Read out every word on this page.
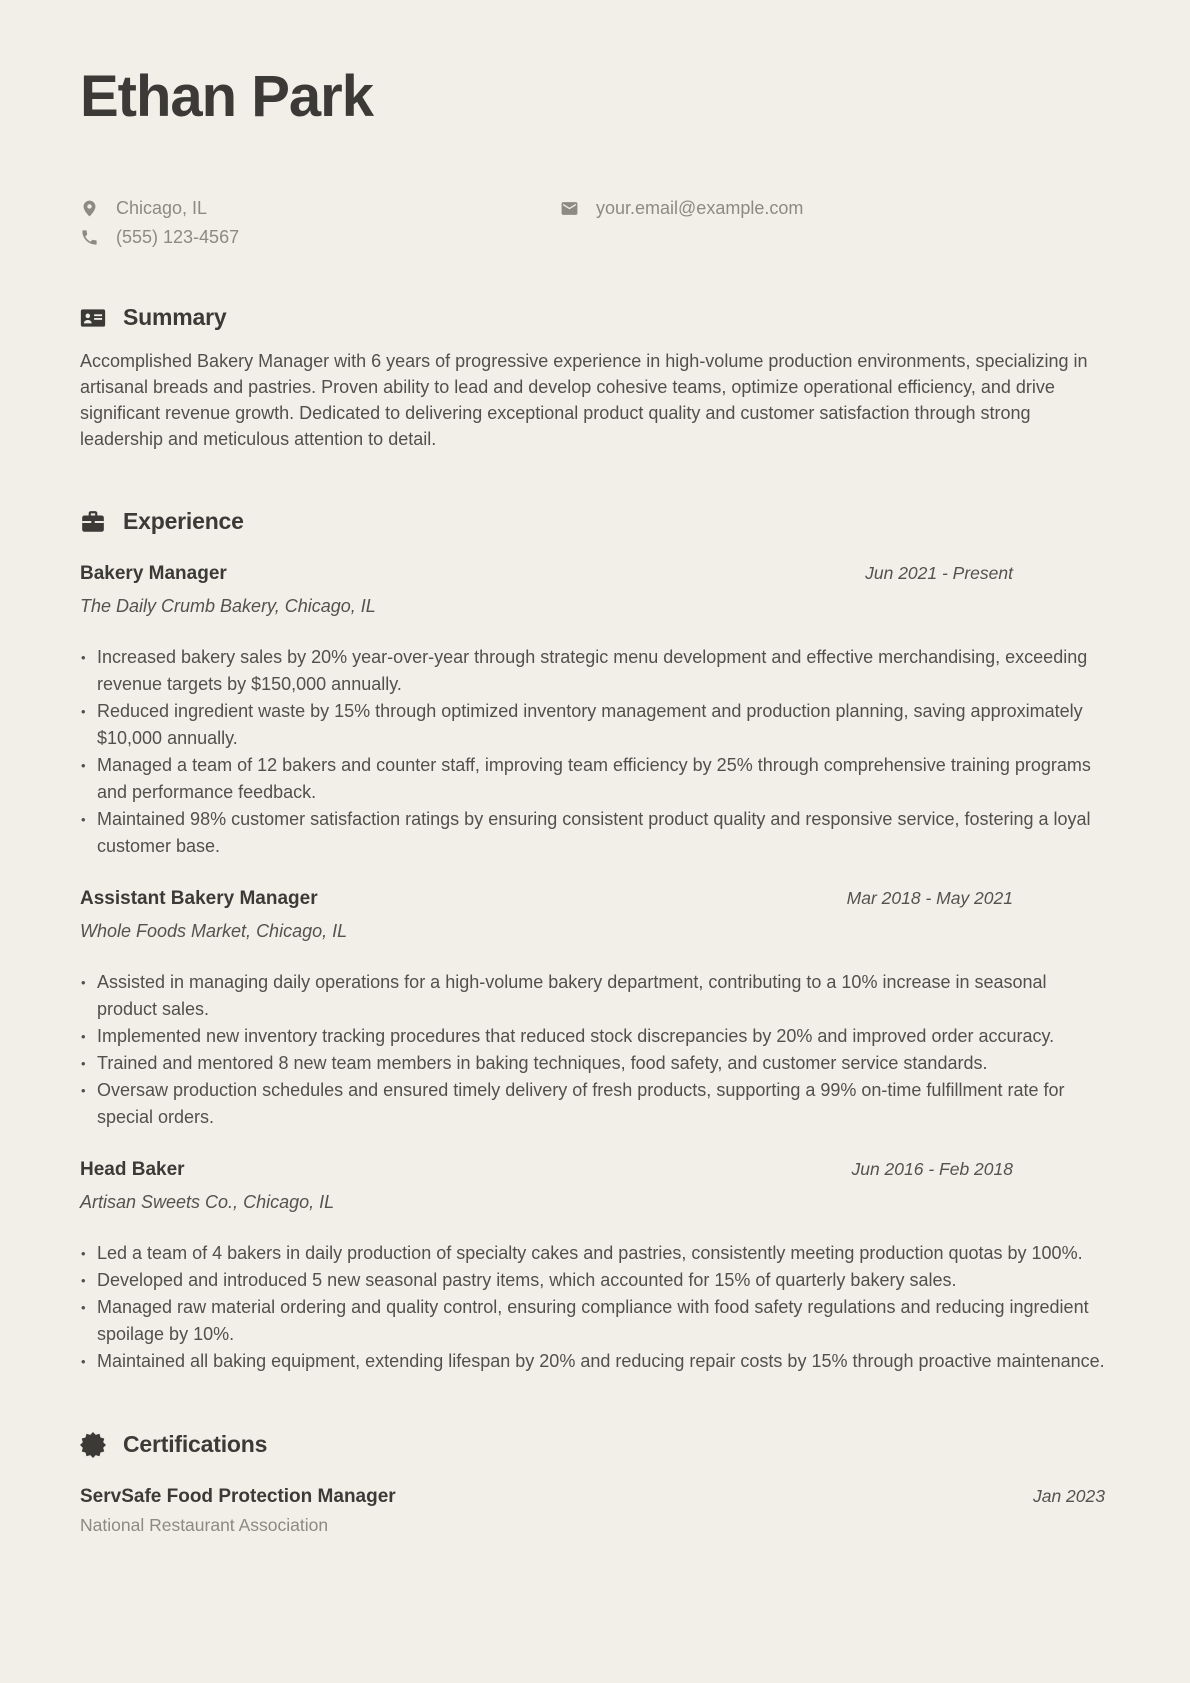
Ethan Park
Chicago, IL
(555) 123-4567
your.email@example.com
Summary

Accomplished Bakery Manager with 6 years of progressive experience in high-volume production environments, specializing in artisanal breads and pastries. Proven ability to lead and develop cohesive teams, optimize operational efficiency, and drive significant revenue growth. Dedicated to delivering exceptional product quality and customer satisfaction through strong leadership and meticulous attention to detail.

Experience
Bakery Manager	Jun 2021 - Present
The Daily Crumb Bakery, Chicago, IL
• Increased bakery sales by 20% year-over-year through strategic menu development and effective merchandising, exceeding revenue targets by $150,000 annually.
• Reduced ingredient waste by 15% through optimized inventory management and production planning, saving approximately $10,000 annually.
• Managed a team of 12 bakers and counter staff, improving team efficiency by 25% through comprehensive training programs and performance feedback.
• Maintained 98% customer satisfaction ratings by ensuring consistent product quality and responsive service, fostering a loyal customer base.
Assistant Bakery Manager	Mar 2018 - May 2021
Whole Foods Market, Chicago, IL
• Assisted in managing daily operations for a high-volume bakery department, contributing to a 10% increase in seasonal product sales.
• Implemented new inventory tracking procedures that reduced stock discrepancies by 20% and improved order accuracy.
• Trained and mentored 8 new team members in baking techniques, food safety, and customer service standards.
• Oversaw production schedules and ensured timely delivery of fresh products, supporting a 99% on-time fulfillment rate for special orders.
Head Baker	Jun 2016 - Feb 2018
Artisan Sweets Co., Chicago, IL
• Led a team of 4 bakers in daily production of specialty cakes and pastries, consistently meeting production quotas by 100%.
• Developed and introduced 5 new seasonal pastry items, which accounted for 15% of quarterly bakery sales.
• Managed raw material ordering and quality control, ensuring compliance with food safety regulations and reducing ingredient spoilage by 10%.
• Maintained all baking equipment, extending lifespan by 20% and reducing repair costs by 15% through proactive maintenance.
Certifications
ServSafe Food Protection Manager	Jan 2023
National Restaurant Association
